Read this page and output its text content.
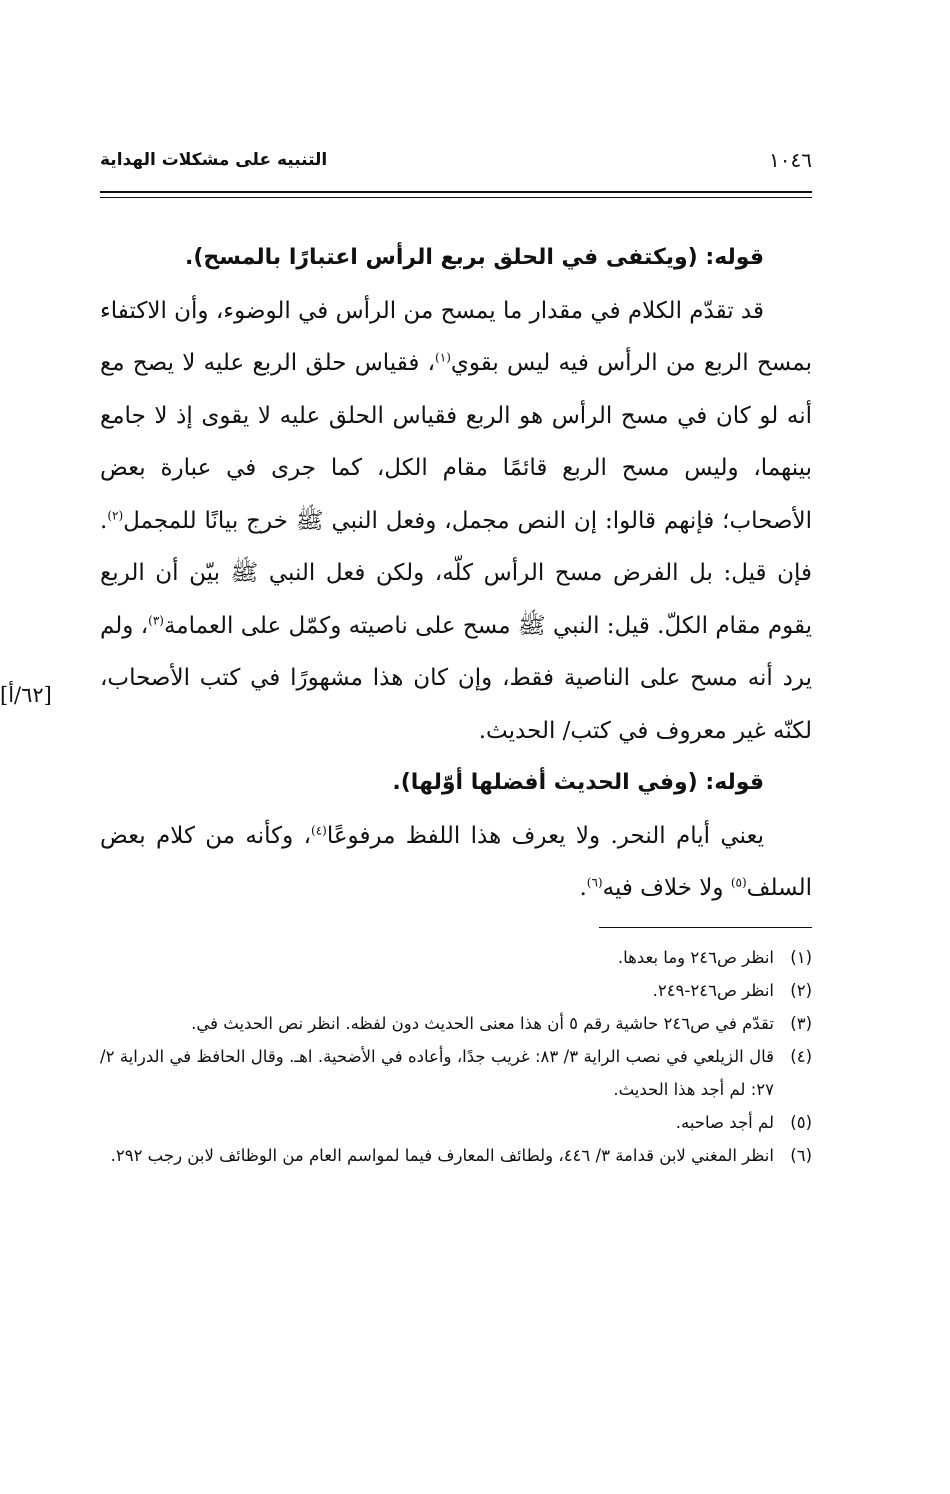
١٠٤٦
التنبيه على مشكلات الهداية

قوله: (ويكتفى في الحلق بربع الرأس اعتبارًا بالمسح).

قد تقدّم الكلام في مقدار ما يمسح من الرأس في الوضوء، وأن الاكتفاء بمسح الربع من الرأس فيه ليس بقوي$^{(١)}$، فقياس حلق الربع عليه لا يصح مع أنه لو كان في مسح الرأس هو الربع فقياس الحلق عليه لا يقوى إذ لا جامع بينهما، وليس مسح الربع قائمًا مقام الكل، كما جرى في عبارة بعض الأصحاب؛ فإنهم قالوا: إن النص مجمل، وفعل النبي ﷺ خرج بيانًا للمجمل$^{(٢)}$. فإن قيل: بل الفرض مسح الرأس كلّه، ولكن فعل النبي ﷺ بيّن أن الربع يقوم مقام الكلّ. قيل: النبي ﷺ مسح على ناصيته وكمّل على العمامة$^{(٣)}$، ولم يرد أنه مسح على الناصية فقط، وإن كان هذا مشهورًا في كتب الأصحاب، لكنّه غير معروف في كتب/ الحديث.

قوله: (وفي الحديث أفضلها أوّلها).

يعني أيام النحر. ولا يعرف هذا اللفظ مرفوعًا$^{(٤)}$، وكأنه من كلام بعض السلف$^{(٥)}$ ولا خلاف فيه$^{(٦)}$.

[٦٢/أ]
(١)
انظر ص٢٤٦ وما بعدها.
(٢)
انظر ص٢٤٦-٢٤٩.
(٣)
تقدّم في ص٢٤٦ حاشية رقم ٥ أن هذا معنى الحديث دون لفظه. انظر نص الحديث في.
(٤)
قال الزيلعي في نصب الراية ٣/ ٨٣: غريب جدًا، وأعاده في الأضحية. اهـ. وقال الحافظ في الدراية ٢/ ٢٧: لم أجد هذا الحديث.
(٥)
لم أجد صاحبه.
(٦)
انظر المغني لابن قدامة ٣/ ٤٤٦، ولطائف المعارف فيما لمواسم العام من الوظائف لابن رجب ٢٩٢.
